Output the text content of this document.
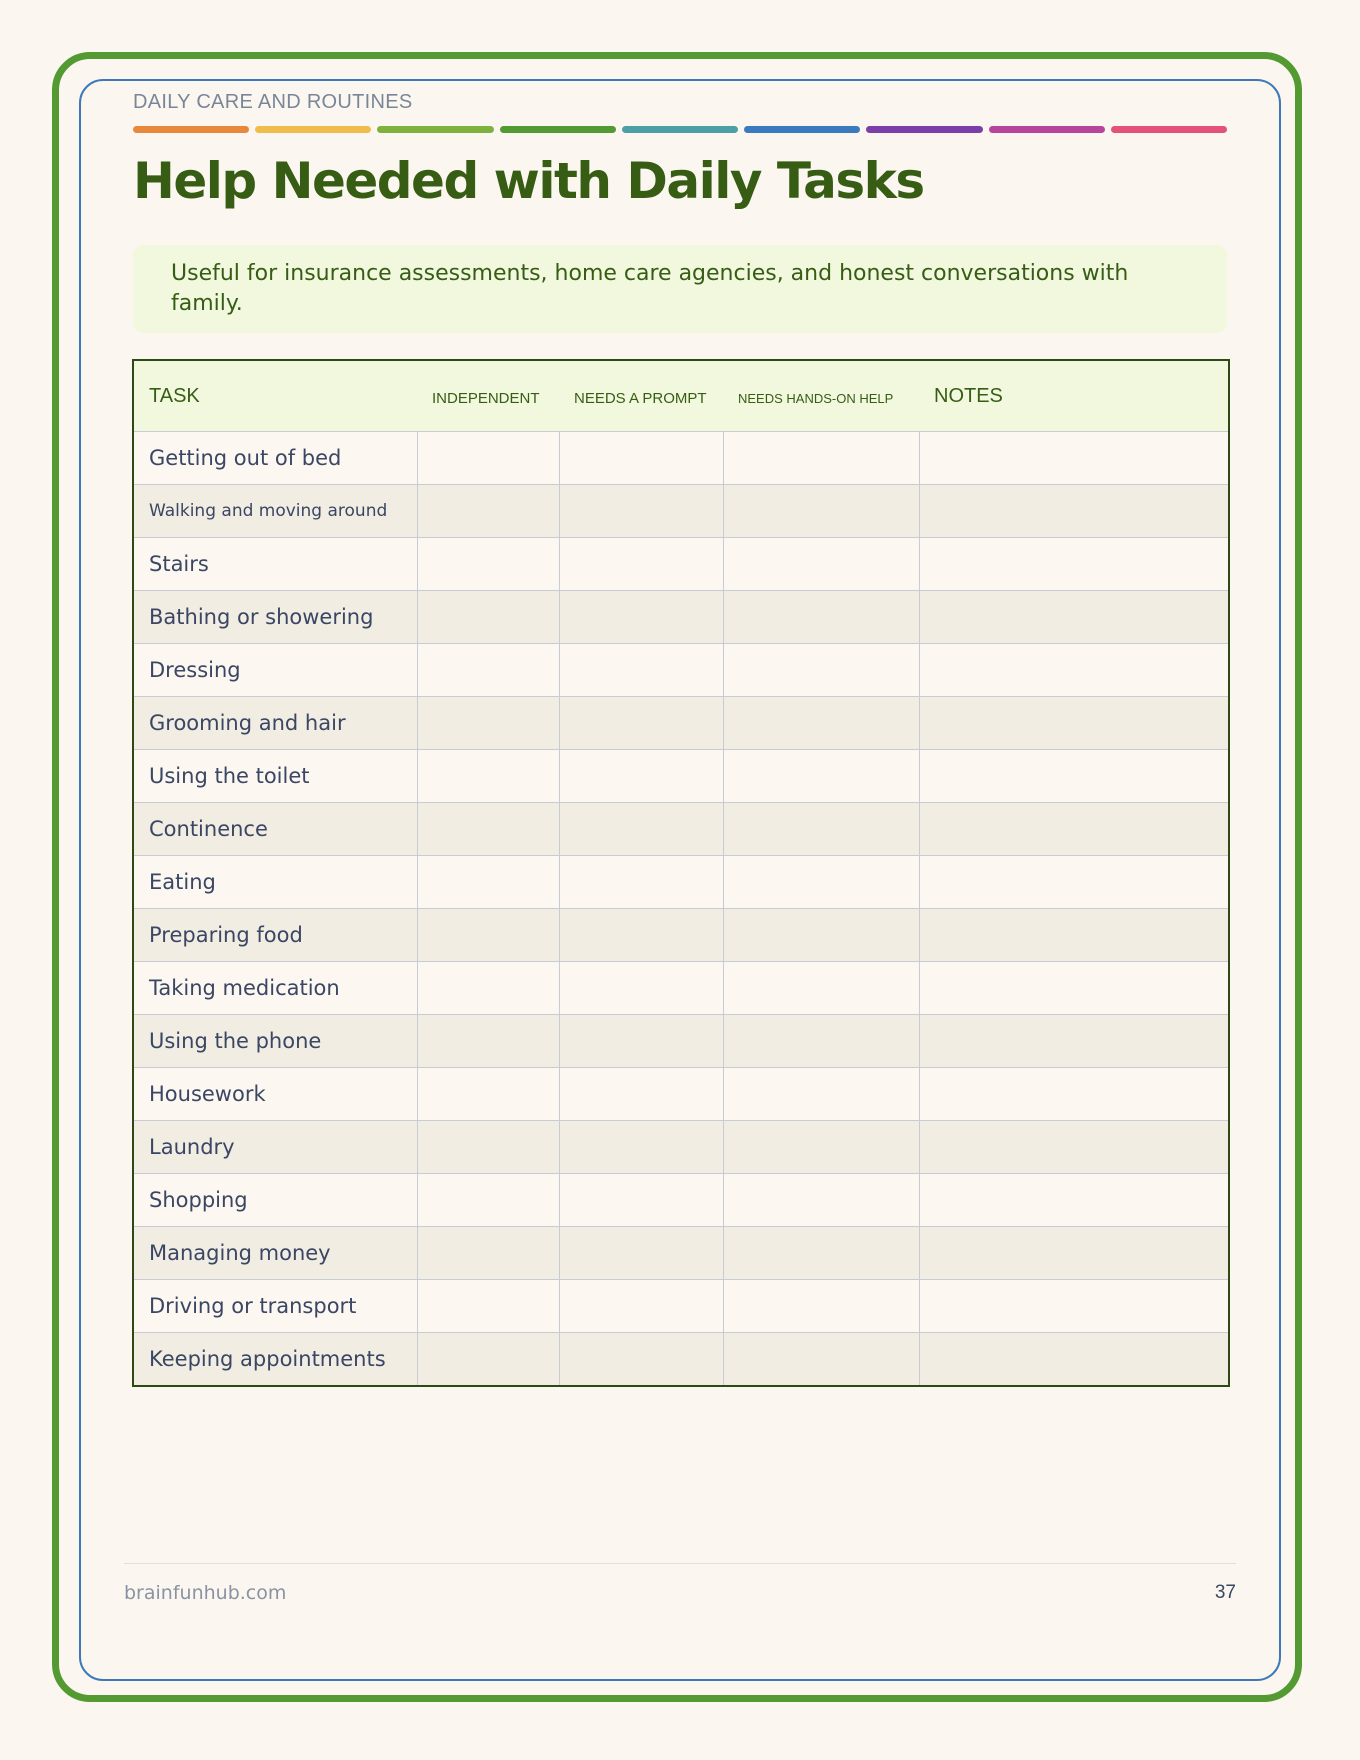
DAILY CARE AND ROUTINES
Help Needed with Daily Tasks
Useful for insurance assessments, home care agencies, and honest conversations with family.
TASK	INDEPENDENT	NEEDS A PROMPT	NEEDS HANDS-ON HELP	NOTES
Getting out of bed				
Walking and moving around				
Stairs				
Bathing or showering				
Dressing				
Grooming and hair				
Using the toilet				
Continence				
Eating				
Preparing food				
Taking medication				
Using the phone				
Housework				
Laundry				
Shopping				
Managing money				
Driving or transport				
Keeping appointments				
brainfunhub.com	37
